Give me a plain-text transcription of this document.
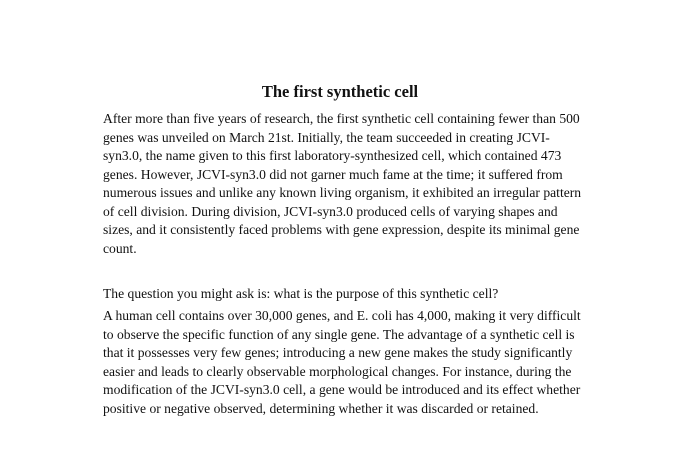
The first synthetic cell

After more than five years of research, the first synthetic cell containing fewer than 500 genes was unveiled on March 21st. Initially, the team succeeded in creating JCVI-syn3.0, the name given to this first laboratory-synthesized cell, which contained 473 genes. However, JCVI-syn3.0 did not garner much fame at the time; it suffered from numerous issues and unlike any known living organism, it exhibited an irregular pattern of cell division. During division, JCVI-syn3.0 produced cells of varying shapes and sizes, and it consistently faced problems with gene expression, despite its minimal gene count.

The question you might ask is: what is the purpose of this synthetic cell?

A human cell contains over 30,000 genes, and E. coli has 4,000, making it very difficult to observe the specific function of any single gene. The advantage of a synthetic cell is that it possesses very few genes; introducing a new gene makes the study significantly easier and leads to clearly observable morphological changes. For instance, during the modification of the JCVI-syn3.0 cell, a gene would be introduced and its effect whether positive or negative observed, determining whether it was discarded or retained.
